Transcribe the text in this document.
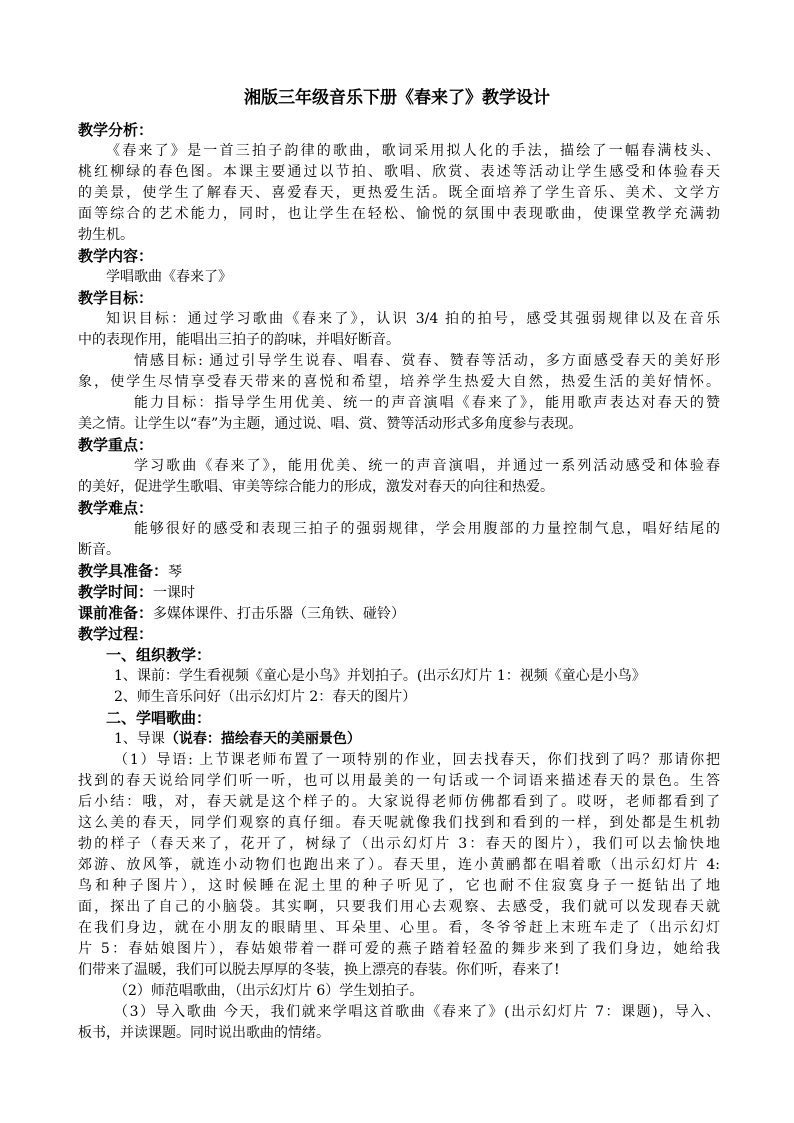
湘版三年级音乐下册《春来了》教学设计
教学分析：
《春来了》是一首三拍子韵律的歌曲，歌词采用拟人化的手法，描绘了一幅春满枝头、
桃红柳绿的春色图。本课主要通过以节拍、歌唱、欣赏、表述等活动让学生感受和体验春天
的美景，使学生了解春天、喜爱春天，更热爱生活。既全面培养了学生音乐、美术、文学方
面等综合的艺术能力，同时，也让学生在轻松、愉悦的氛围中表现歌曲，使课堂教学充满勃
勃生机。
教学内容：
学唱歌曲《春来了》
教学目标：
知识目标：通过学习歌曲《春来了》，认识 3/4 拍的拍号，感受其强弱规律以及在音乐
中的表现作用，能唱出三拍子的韵味，并唱好断音。
情感目标: 通过引导学生说春、唱春、赏春、赞春等活动，多方面感受春天的美好形
象，使学生尽情享受春天带来的喜悦和希望，培养学生热爱大自然，热爱生活的美好情怀。
能力目标：指导学生用优美、统一的声音演唱《春来了》，能用歌声表达对春天的赞
美之情。让学生以“春”为主题，通过说、唱、赏、赞等活动形式多角度参与表现。
教学重点：
学习歌曲《春来了》，能用优美、统一的声音演唱，并通过一系列活动感受和体验春
的美好，促进学生歌唱、审美等综合能力的形成，激发对春天的向往和热爱。
教学难点：
能够很好的感受和表现三拍子的强弱规律，学会用腹部的力量控制气息，唱好结尾的
断音。
教学具准备：琴
教学时间：一课时
课前准备：多媒体课件、打击乐器（三角铁、碰铃）
教学过程：
一、组织教学：
1、课前：学生看视频《童心是小鸟》并划拍子。(出示幻灯片 1：视频《童心是小鸟》
2、师生音乐问好（出示幻灯片 2：春天的图片）
二、学唱歌曲：
1、导课（说春：描绘春天的美丽景色）
（1）导语: 上节课老师布置了一项特别的作业，回去找春天，你们找到了吗？那请你把
找到的春天说给同学们听一听，也可以用最美的一句话或一个词语来描述春天的景色。生答
后小结：哦，对，春天就是这个样子的。大家说得老师仿佛都看到了。哎呀，老师都看到了
这么美的春天，同学们观察的真仔细。春天呢就像我们找到和看到的一样，到处都是生机勃
勃的样子（春天来了，花开了，树绿了（出示幻灯片 3：春天的图片），我们可以去愉快地
郊游、放风筝，就连小动物们也跑出来了）。春天里，连小黄鹂都在唱着歌（出示幻灯片 4:
鸟和种子图片），这时候睡在泥土里的种子听见了，它也耐不住寂寞身子一挺钻出了地
面，探出了自己的小脑袋。其实啊，只要我们用心去观察、去感受，我们就可以发现春天就
在我们身边，就在小朋友的眼睛里、耳朵里、心里。看，冬爷爷赶上末班车走了（出示幻灯
片 5：春姑娘图片），春姑娘带着一群可爱的燕子踏着轻盈的舞步来到了我们身边，她给我
们带来了温暖，我们可以脱去厚厚的冬装，换上漂亮的春装。你们听，春来了!
（2）师范唱歌曲，（出示幻灯片 6）学生划拍子。
（3）导入歌曲 今天，我们就来学唱这首歌曲《春来了》(出示幻灯片 7：课题)，导入、
板书，并读课题。同时说出歌曲的情绪。
